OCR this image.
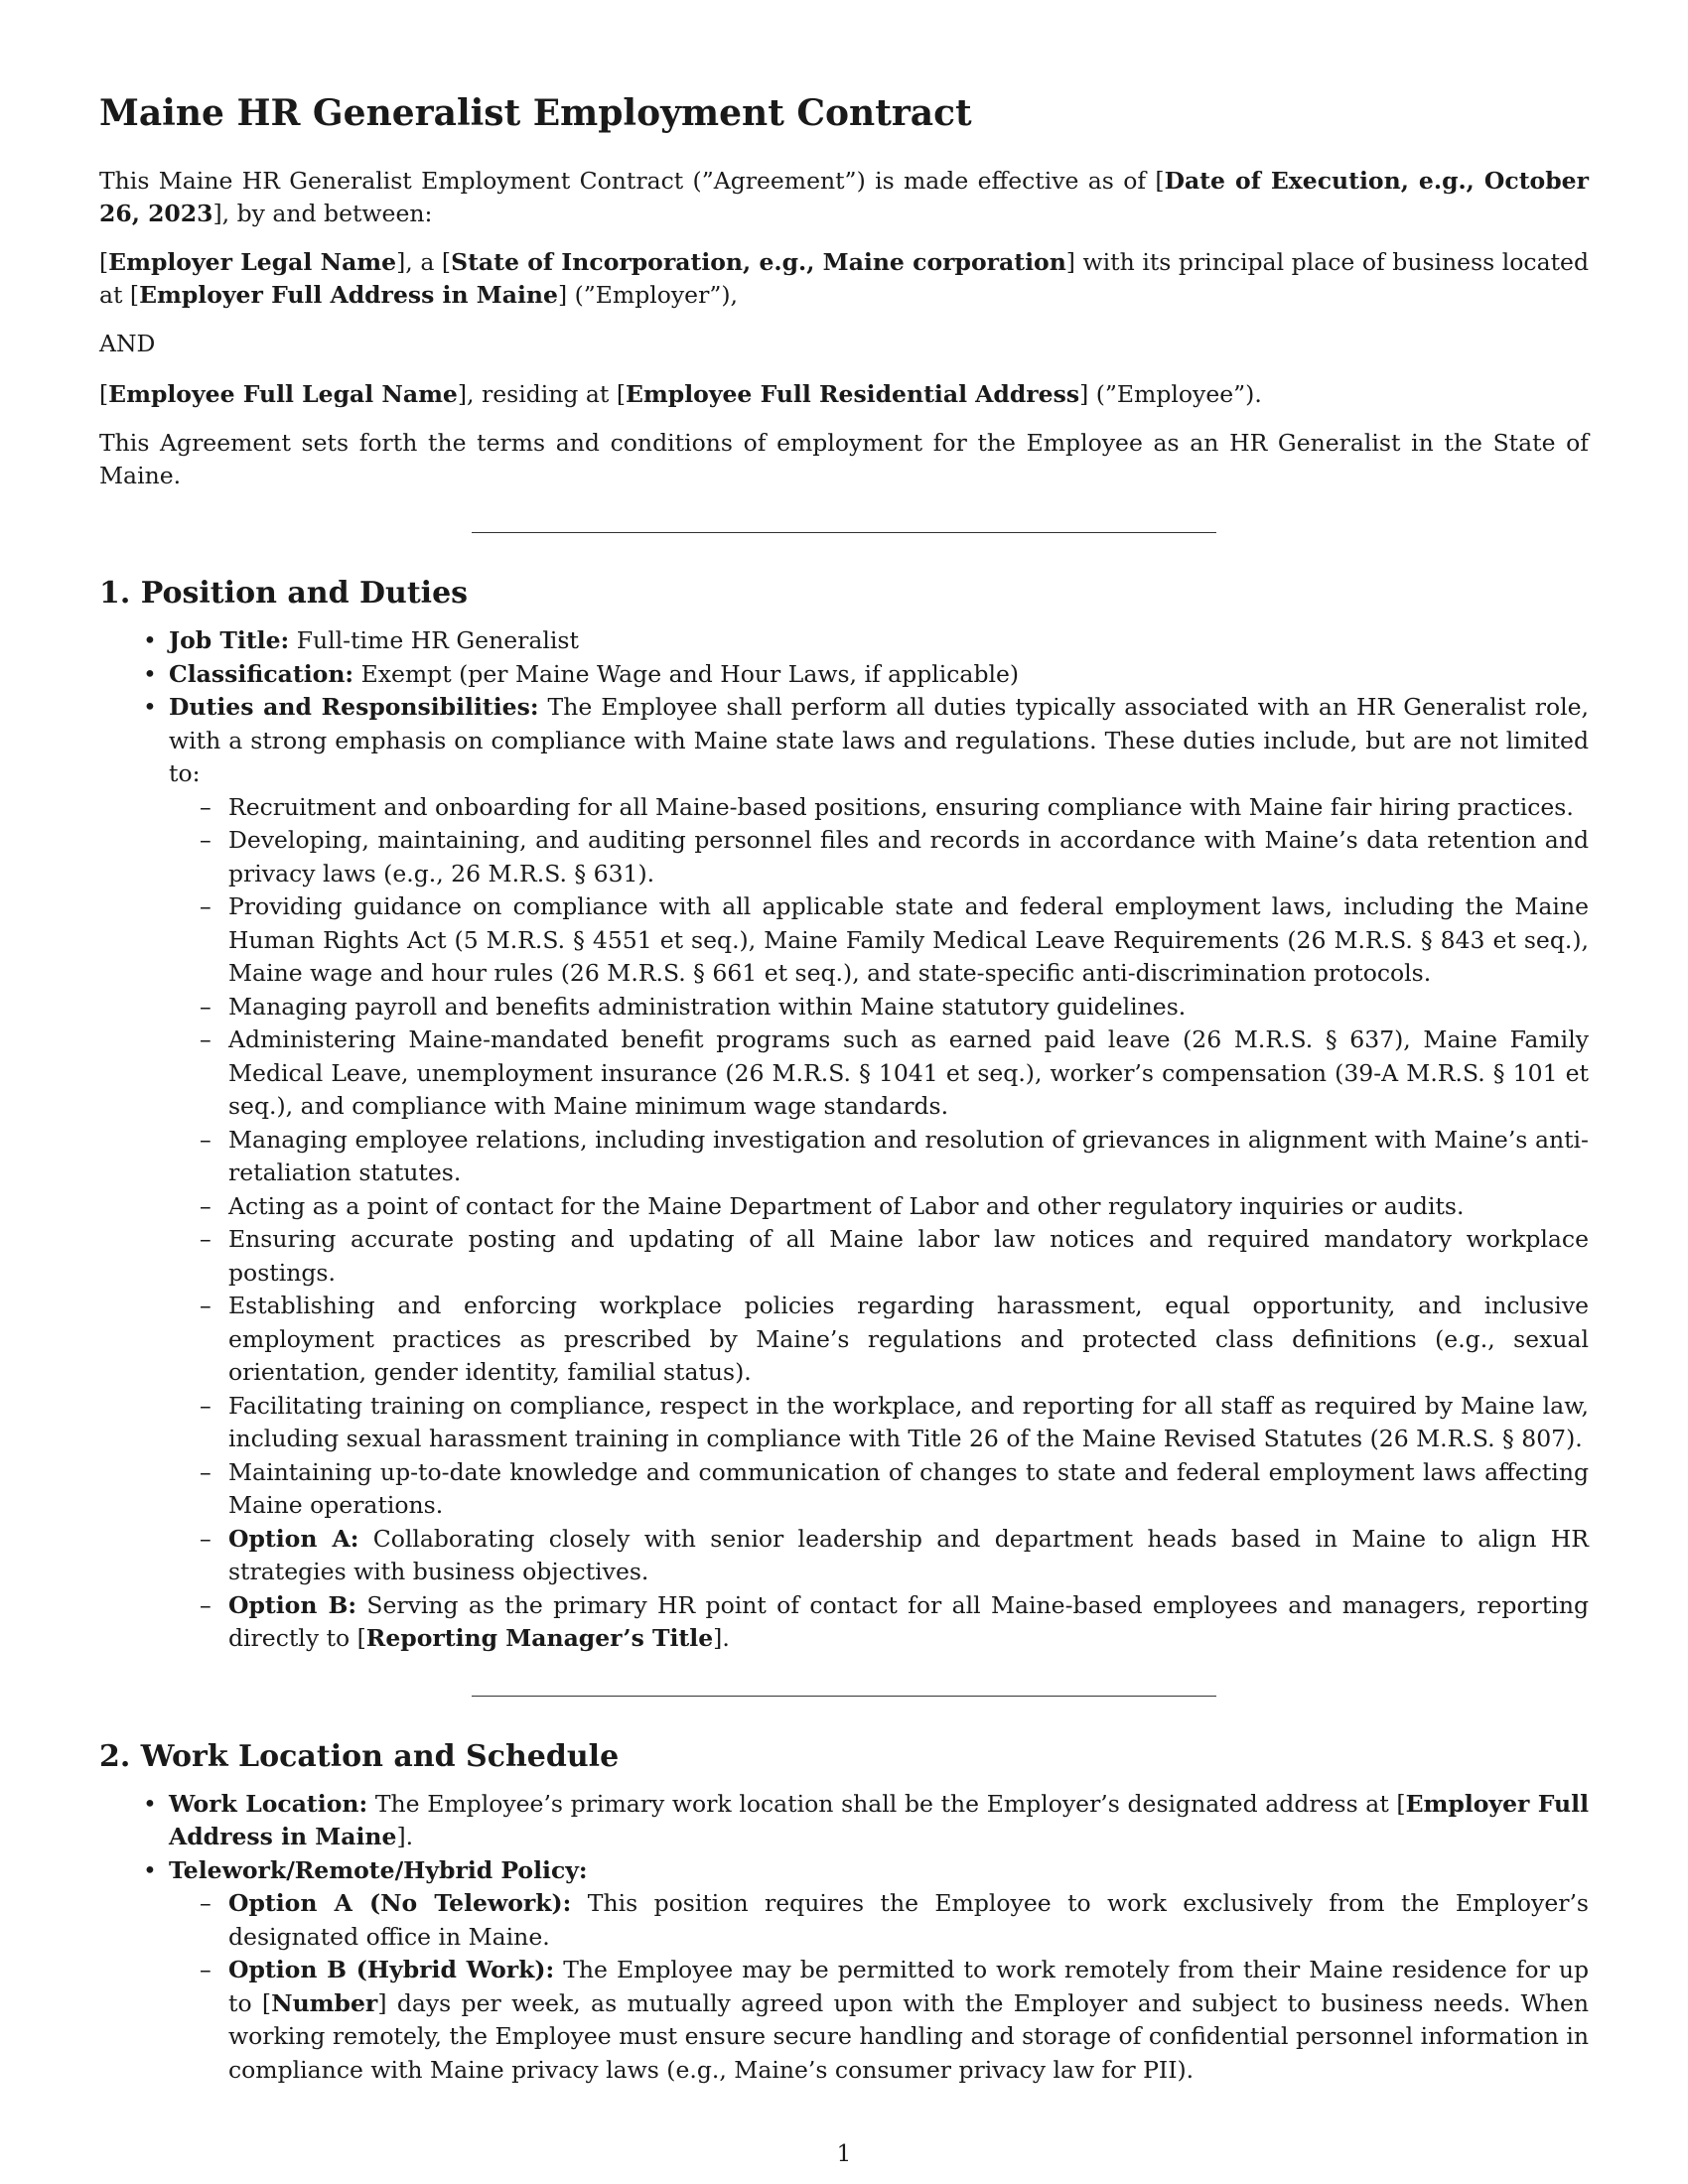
Maine HR Generalist Employment Contract

This Maine HR Generalist Employment Contract (”Agreement”) is made effective as of [Date of Execution, e.g., October 26, 2023], by and between:

[Employer Legal Name], a [State of Incorporation, e.g., Maine corporation] with its principal place of business located at [Employer Full Address in Maine] (”Employer”),

AND

[Employee Full Legal Name], residing at [Employee Full Residential Address] (”Employee”).

This Agreement sets forth the terms and conditions of employment for the Employee as an HR Generalist in the State of Maine.

1. Position and Duties
• Job Title: Full-time HR Generalist
• Classification: Exempt (per Maine Wage and Hour Laws, if applicable)
• Duties and Responsibilities: The Employee shall perform all duties typically associated with an HR Generalist role, with a strong emphasis on compliance with Maine state laws and regulations. These duties include, but are not limited to:
– Recruitment and onboarding for all Maine-based positions, ensuring compliance with Maine fair hiring practices.
– Developing, maintaining, and auditing personnel files and records in accordance with Maine’s data retention and privacy laws (e.g., 26 M.R.S. § 631).
– Providing guidance on compliance with all applicable state and federal employment laws, including the Maine Human Rights Act (5 M.R.S. § 4551 et seq.), Maine Family Medical Leave Requirements (26 M.R.S. § 843 et seq.), Maine wage and hour rules (26 M.R.S. § 661 et seq.), and state-specific anti-discrimination protocols.
– Managing payroll and benefits administration within Maine statutory guidelines.
– Administering Maine-mandated benefit programs such as earned paid leave (26 M.R.S. § 637), Maine Family Medical Leave, unemployment insurance (26 M.R.S. § 1041 et seq.), worker’s compensation (39-A M.R.S. § 101 et seq.), and compliance with Maine minimum wage standards.
– Managing employee relations, including investigation and resolution of grievances in alignment with Maine’s anti-retaliation statutes.
– Acting as a point of contact for the Maine Department of Labor and other regulatory inquiries or audits.
– Ensuring accurate posting and updating of all Maine labor law notices and required mandatory workplace postings.
– Establishing and enforcing workplace policies regarding harassment, equal opportunity, and inclusive employment practices as prescribed by Maine’s regulations and protected class definitions (e.g., sexual orientation, gender identity, familial status).
– Facilitating training on compliance, respect in the workplace, and reporting for all staff as required by Maine law, including sexual harassment training in compliance with Title 26 of the Maine Revised Statutes (26 M.R.S. § 807).
– Maintaining up-to-date knowledge and communication of changes to state and federal employment laws affecting Maine operations.
– Option A: Collaborating closely with senior leadership and department heads based in Maine to align HR strategies with business objectives.
– Option B: Serving as the primary HR point of contact for all Maine-based employees and managers, reporting directly to [Reporting Manager’s Title].
2. Work Location and Schedule
• Work Location: The Employee’s primary work location shall be the Employer’s designated address at [Employer Full Address in Maine].
• Telework/Remote/Hybrid Policy:
– Option A (No Telework): This position requires the Employee to work exclusively from the Employer’s designated office in Maine.
– Option B (Hybrid Work): The Employee may be permitted to work remotely from their Maine residence for up to [Number] days per week, as mutually agreed upon with the Employer and subject to business needs. When working remotely, the Employee must ensure secure handling and storage of confidential personnel information in compliance with Maine privacy laws (e.g., Maine’s consumer privacy law for PII).
1
